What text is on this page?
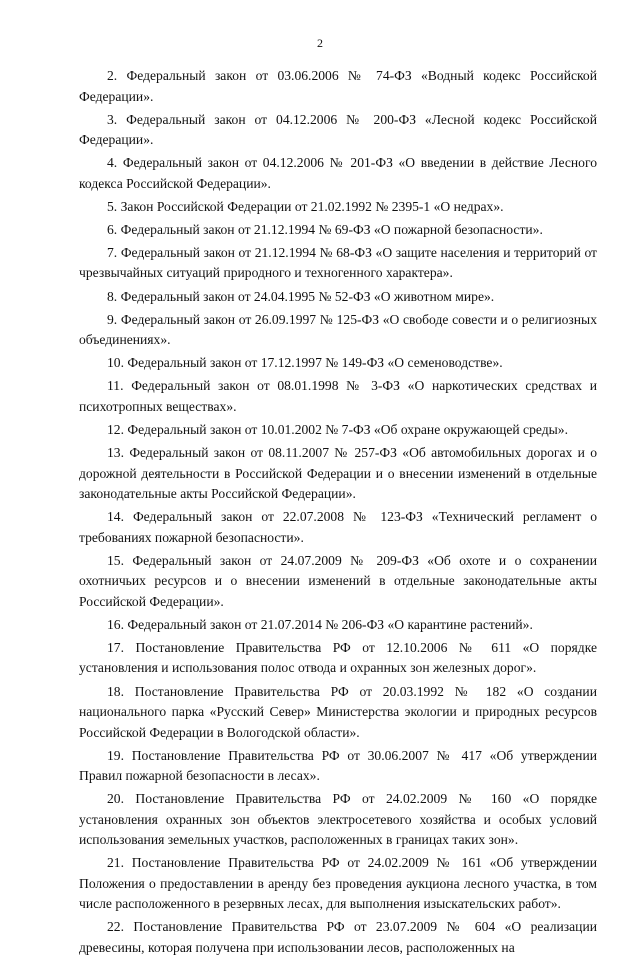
2

2. Федеральный закон от 03.06.2006 № 74-ФЗ «Водный кодекс Российской Федерации».

3. Федеральный закон от 04.12.2006 № 200-ФЗ «Лесной кодекс Российской Федерации».

4. Федеральный закон от 04.12.2006 № 201-ФЗ «О введении в действие Лесного кодекса Российской Федерации».

5. Закон Российской Федерации от 21.02.1992 № 2395-1 «О недрах».

6. Федеральный закон от 21.12.1994 № 69-ФЗ «О пожарной безопасности».

7. Федеральный закон от 21.12.1994 № 68-ФЗ «О защите населения и территорий от чрезвычайных ситуаций природного и техногенного характера».

8. Федеральный закон от 24.04.1995 № 52-ФЗ «О животном мире».

9. Федеральный закон от 26.09.1997 № 125-ФЗ «О свободе совести и о религиозных объединениях».

10. Федеральный закон от 17.12.1997 № 149-ФЗ «О семеноводстве».

11. Федеральный закон от 08.01.1998 № 3-ФЗ «О наркотических средствах и психотропных веществах».

12. Федеральный закон от 10.01.2002 № 7-ФЗ «Об охране окружающей среды».

13. Федеральный закон от 08.11.2007 № 257-ФЗ «Об автомобильных дорогах и о дорожной деятельности в Российской Федерации и о внесении изменений в отдельные законодательные акты Российской Федерации».

14. Федеральный закон от 22.07.2008 № 123-ФЗ «Технический регламент о требованиях пожарной безопасности».

15. Федеральный закон от 24.07.2009 № 209-ФЗ «Об охоте и о сохранении охотничьих ресурсов и о внесении изменений в отдельные законодательные акты Российской Федерации».

16. Федеральный закон от 21.07.2014 № 206-ФЗ «О карантине растений».

17. Постановление Правительства РФ от 12.10.2006 № 611 «О порядке установления и использования полос отвода и охранных зон железных дорог».

18. Постановление Правительства РФ от 20.03.1992 № 182 «О создании национального парка «Русский Север» Министерства экологии и природных ресурсов Российской Федерации в Вологодской области».

19. Постановление Правительства РФ от 30.06.2007 № 417 «Об утверждении Правил пожарной безопасности в лесах».

20. Постановление Правительства РФ от 24.02.2009 № 160 «О порядке установления охранных зон объектов электросетевого хозяйства и особых условий использования земельных участков, расположенных в границах таких зон».

21. Постановление Правительства РФ от 24.02.2009 № 161 «Об утверждении Положения о предоставлении в аренду без проведения аукциона лесного участка, в том числе расположенного в резервных лесах, для выполнения изыскательских работ».

22. Постановление Правительства РФ от 23.07.2009 № 604 «О реализации древесины, которая получена при использовании лесов, расположенных на
